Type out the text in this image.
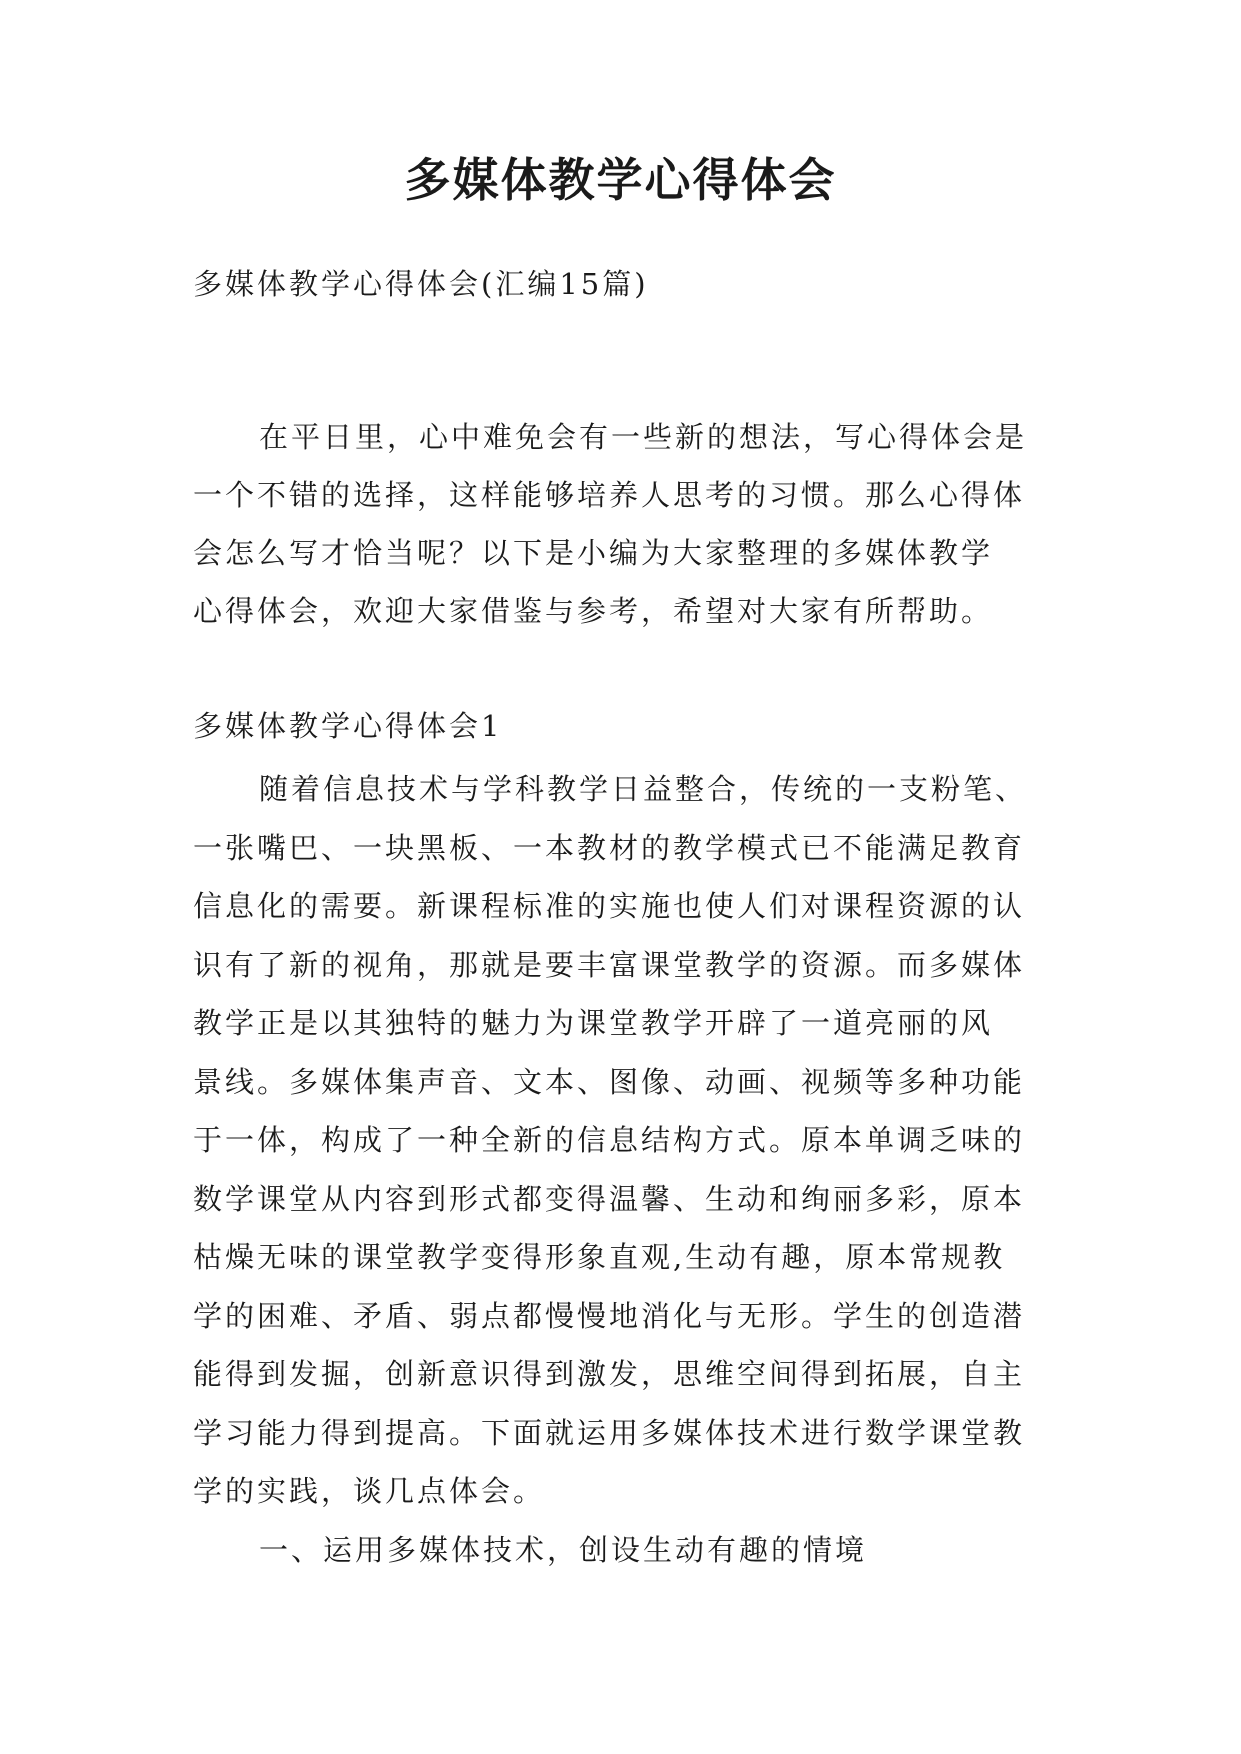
多媒体教学心得体会
多媒体教学心得体会(汇编15篇)
在平日里，心中难免会有一些新的想法，写心得体会是
一个不错的选择，这样能够培养人思考的习惯。那么心得体
会怎么写才恰当呢？以下是小编为大家整理的多媒体教学
心得体会，欢迎大家借鉴与参考，希望对大家有所帮助。
多媒体教学心得体会1
随着信息技术与学科教学日益整合，传统的一支粉笔、
一张嘴巴、一块黑板、一本教材的教学模式已不能满足教育
信息化的需要。新课程标准的实施也使人们对课程资源的认
识有了新的视角，那就是要丰富课堂教学的资源。而多媒体
教学正是以其独特的魅力为课堂教学开辟了一道亮丽的风
景线。多媒体集声音、文本、图像、动画、视频等多种功能
于一体，构成了一种全新的信息结构方式。原本单调乏味的
数学课堂从内容到形式都变得温馨、生动和绚丽多彩，原本
枯燥无味的课堂教学变得形象直观,生动有趣，原本常规教
学的困难、矛盾、弱点都慢慢地消化与无形。学生的创造潜
能得到发掘，创新意识得到激发，思维空间得到拓展，自主
学习能力得到提高。下面就运用多媒体技术进行数学课堂教
学的实践，谈几点体会。
一、运用多媒体技术，创设生动有趣的情境
